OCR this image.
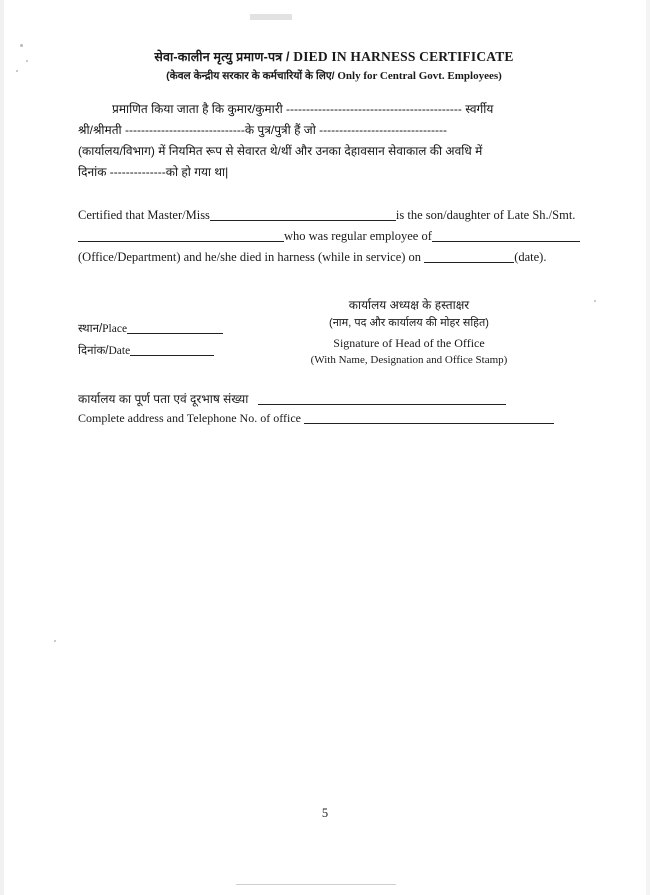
सेवा-कालीन मृत्यु प्रमाण-पत्र / DIED IN HARNESS CERTIFICATE
(केवल केन्द्रीय सरकार के कर्मचारियों के लिए/ Only for Central Govt. Employees)
प्रमाणित किया जाता है कि कुमार/कुमारी -------------------------------------------- स्वर्गीय
श्री/श्रीमती ------------------------------के पुत्र/पुत्री हैं जो --------------------------------
(कार्यालय/विभाग) में नियमित रूप से सेवारत थे/थीं और उनका देहावसान सेवाकाल की अवधि में
दिनांक --------------को हो गया था|
Certified that Master/Miss	is the son/daughter of Late Sh./Smt.
who was regular employee of
(Office/Department) and he/she died in harness (while in service) on	(date).
कार्यालय अध्यक्ष के हस्ताक्षर
(नाम, पद और कार्यालय की मोहर सहित)
Signature of Head of the Office
(With Name, Designation and Office Stamp)
स्थान/Place
दिनांक/Date
कार्यालय का पूर्ण पता एवं दूरभाष संख्या
Complete address and Telephone No. of office
5
